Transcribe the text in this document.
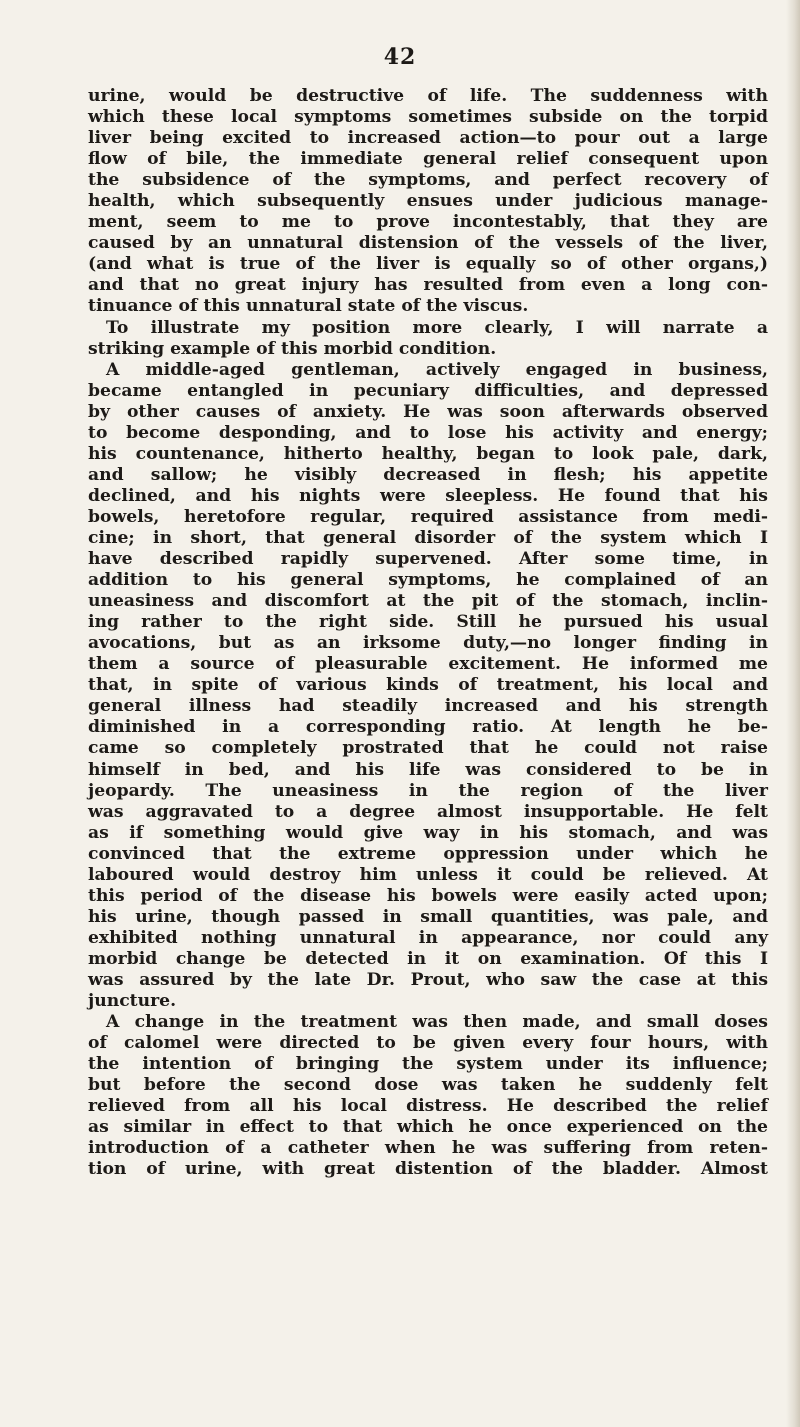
42
urine, would be destructive of life. The suddenness with
which these local symptoms sometimes subside on the torpid
liver being excited to increased action—to pour out a large
flow of bile, the immediate general relief consequent upon
the subsidence of the symptoms, and perfect recovery of
health, which subsequently ensues under judicious manage-
ment, seem to me to prove incontestably, that they are
caused by an unnatural distension of the vessels of the liver,
(and what is true of the liver is equally so of other organs,)
and that no great injury has resulted from even a long con-
tinuance of this unnatural state of the viscus.
To illustrate my position more clearly, I will narrate a
striking example of this morbid condition.
A middle-aged gentleman, actively engaged in business,
became entangled in pecuniary difficulties, and depressed
by other causes of anxiety. He was soon afterwards observed
to become desponding, and to lose his activity and energy;
his countenance, hitherto healthy, began to look pale, dark,
and sallow; he visibly decreased in flesh; his appetite
declined, and his nights were sleepless. He found that his
bowels, heretofore regular, required assistance from medi-
cine; in short, that general disorder of the system which I
have described rapidly supervened. After some time, in
addition to his general symptoms, he complained of an
uneasiness and discomfort at the pit of the stomach, inclin-
ing rather to the right side. Still he pursued his usual
avocations, but as an irksome duty,—no longer finding in
them a source of pleasurable excitement. He informed me
that, in spite of various kinds of treatment, his local and
general illness had steadily increased and his strength
diminished in a corresponding ratio. At length he be-
came so completely prostrated that he could not raise
himself in bed, and his life was considered to be in
jeopardy. The uneasiness in the region of the liver
was aggravated to a degree almost insupportable. He felt
as if something would give way in his stomach, and was
convinced that the extreme oppression under which he
laboured would destroy him unless it could be relieved. At
this period of the disease his bowels were easily acted upon;
his urine, though passed in small quantities, was pale, and
exhibited nothing unnatural in appearance, nor could any
morbid change be detected in it on examination. Of this I
was assured by the late Dr. Prout, who saw the case at this
juncture.
A change in the treatment was then made, and small doses
of calomel were directed to be given every four hours, with
the intention of bringing the system under its influence;
but before the second dose was taken he suddenly felt
relieved from all his local distress. He described the relief
as similar in effect to that which he once experienced on the
introduction of a catheter when he was suffering from reten-
tion of urine, with great distention of the bladder. Almost
